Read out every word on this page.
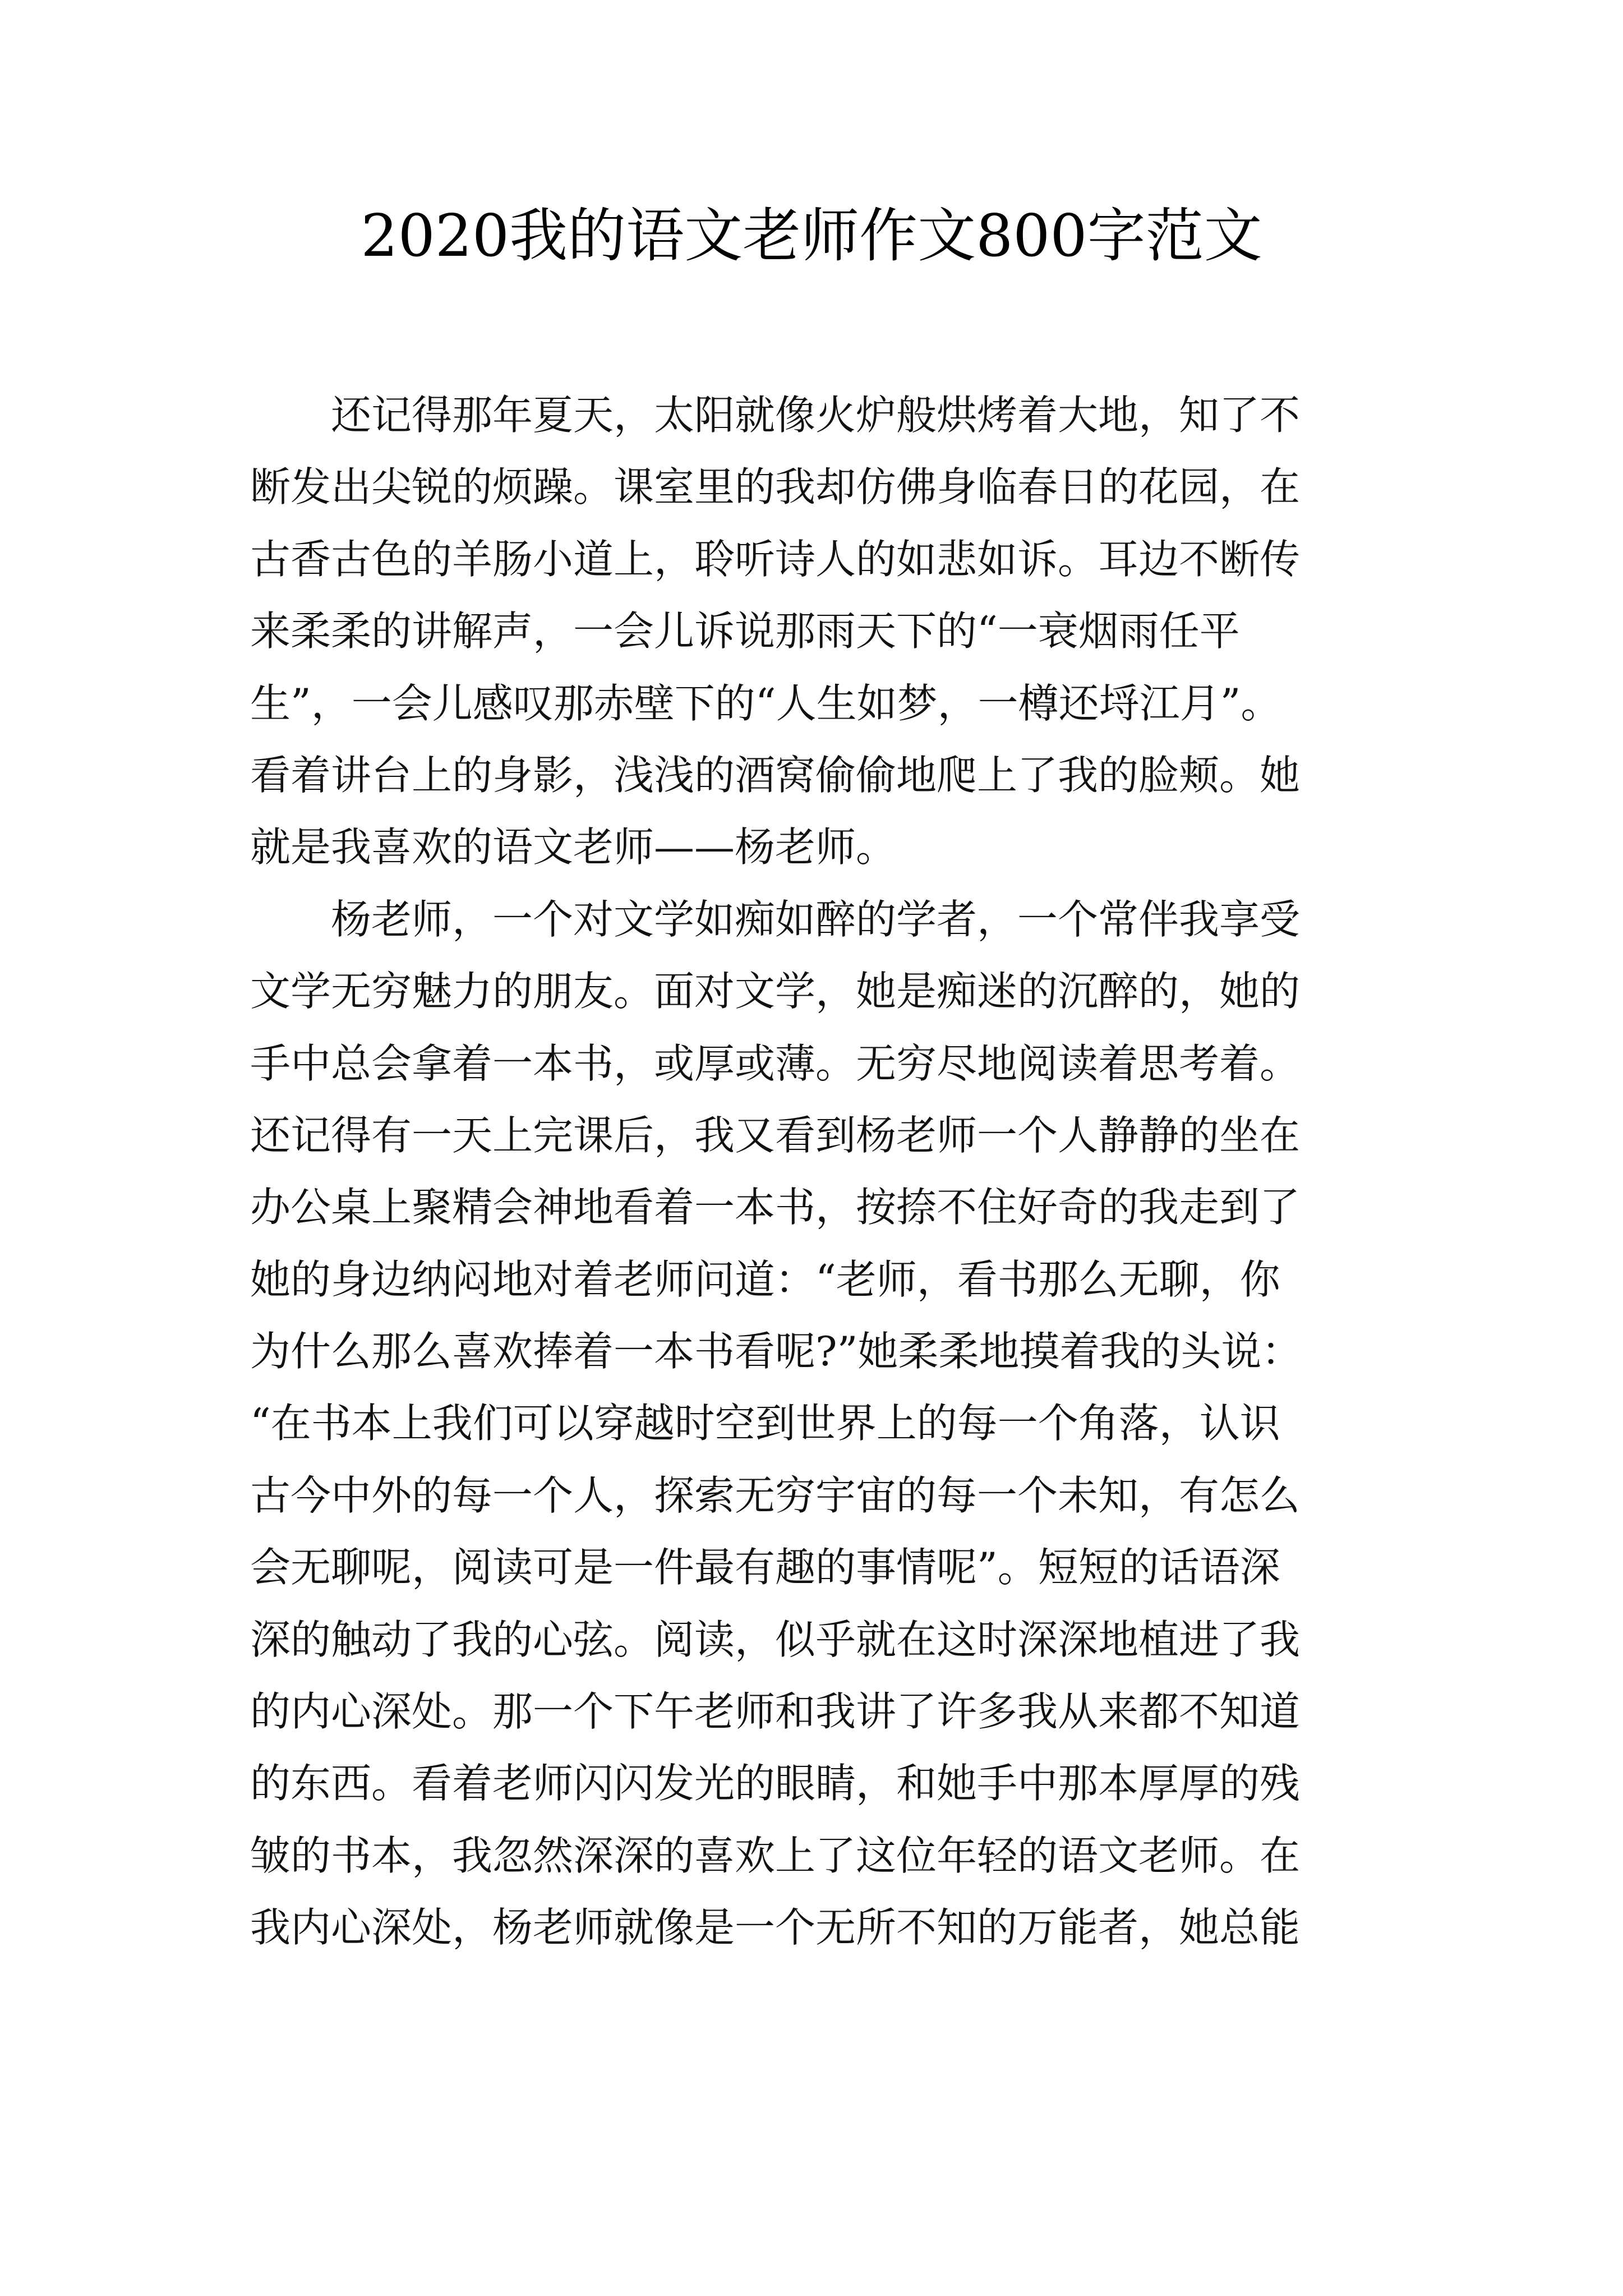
2020我的语文老师作文800字范文
　　还记得那年夏天，太阳就像火炉般烘烤着大地，知了不
断发出尖锐的烦躁。课室里的我却仿佛身临春日的花园，在
古香古色的羊肠小道上，聆听诗人的如悲如诉。耳边不断传
来柔柔的讲解声，一会儿诉说那雨天下的“一衰烟雨任平
生”，一会儿感叹那赤壁下的“人生如梦，一樽还埒江月”。
看着讲台上的身影，浅浅的酒窝偷偷地爬上了我的脸颊。她
就是我喜欢的语文老师——杨老师。
　　杨老师，一个对文学如痴如醉的学者，一个常伴我享受
文学无穷魅力的朋友。面对文学，她是痴迷的沉醉的，她的
手中总会拿着一本书，或厚或薄。无穷尽地阅读着思考着。
还记得有一天上完课后，我又看到杨老师一个人静静的坐在
办公桌上聚精会神地看着一本书，按捺不住好奇的我走到了
她的身边纳闷地对着老师问道：“老师，看书那么无聊，你
为什么那么喜欢捧着一本书看呢?”她柔柔地摸着我的头说：
“在书本上我们可以穿越时空到世界上的每一个角落，认识
古今中外的每一个人，探索无穷宇宙的每一个未知，有怎么
会无聊呢，阅读可是一件最有趣的事情呢”。短短的话语深
深的触动了我的心弦。阅读，似乎就在这时深深地植进了我
的内心深处。那一个下午老师和我讲了许多我从来都不知道
的东西。看着老师闪闪发光的眼睛，和她手中那本厚厚的残
皱的书本，我忽然深深的喜欢上了这位年轻的语文老师。在
我内心深处，杨老师就像是一个无所不知的万能者，她总能
